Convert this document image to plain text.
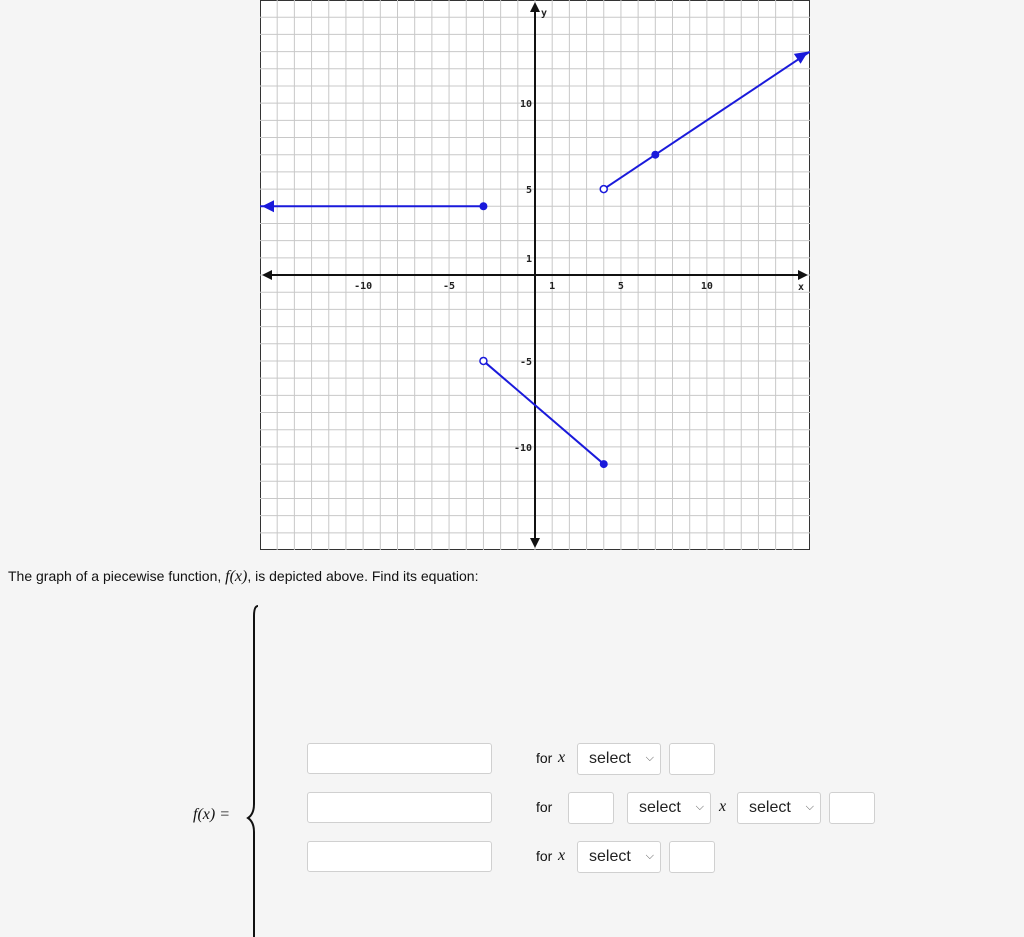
x
y
-10	-5	1	5	10
10
5
1
-5
-10
The graph of a piecewise function, f(x), is depicted above. Find its equation:
f(x) =
for x select ⌵
for	select ⌵ x select ⌵
for x select ⌵
